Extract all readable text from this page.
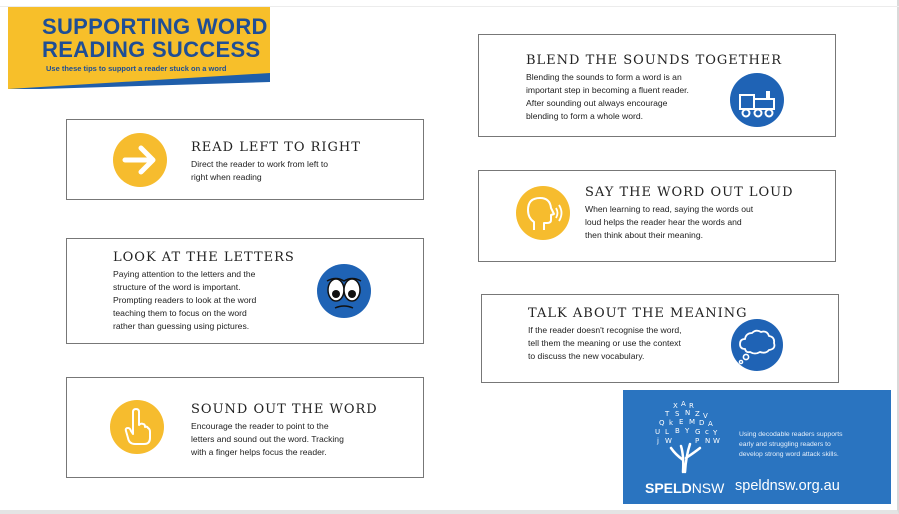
SUPPORTING WORD
READING SUCCESS
Use these tips to support a reader stuck on a word
READ LEFT TO RIGHT

Direct the reader to work from left to
right when reading

LOOK AT THE LETTERS

Paying attention to the letters and the
structure of the word is important.
Prompting readers to look at the word
teaching them to focus on the word
rather than guessing using pictures.

SOUND OUT THE WORD

Encourage the reader to point to the
letters and sound out the word. Tracking
with a finger helps focus the reader.

BLEND THE SOUNDS TOGETHER

Blending the sounds to form a word is an
important step in becoming a fluent reader.
After sounding out always encourage
blending to form a whole word.

SAY THE WORD OUT LOUD

When learning to read, saying the words out
loud helps the reader hear the words and
then think about their meaning.

TALK ABOUT THE MEANING

If the reader doesn't recognise the word,
tell them the meaning or use the context
to discuss the new vocabulary.

X A R
T S N Z V
Q k E M D A
U L B Y G c Y
j W	P N W
Using decodable readers supports
early and struggling readers to
develop strong word attack skills.
SPELDNSW speldnsw.org.au
